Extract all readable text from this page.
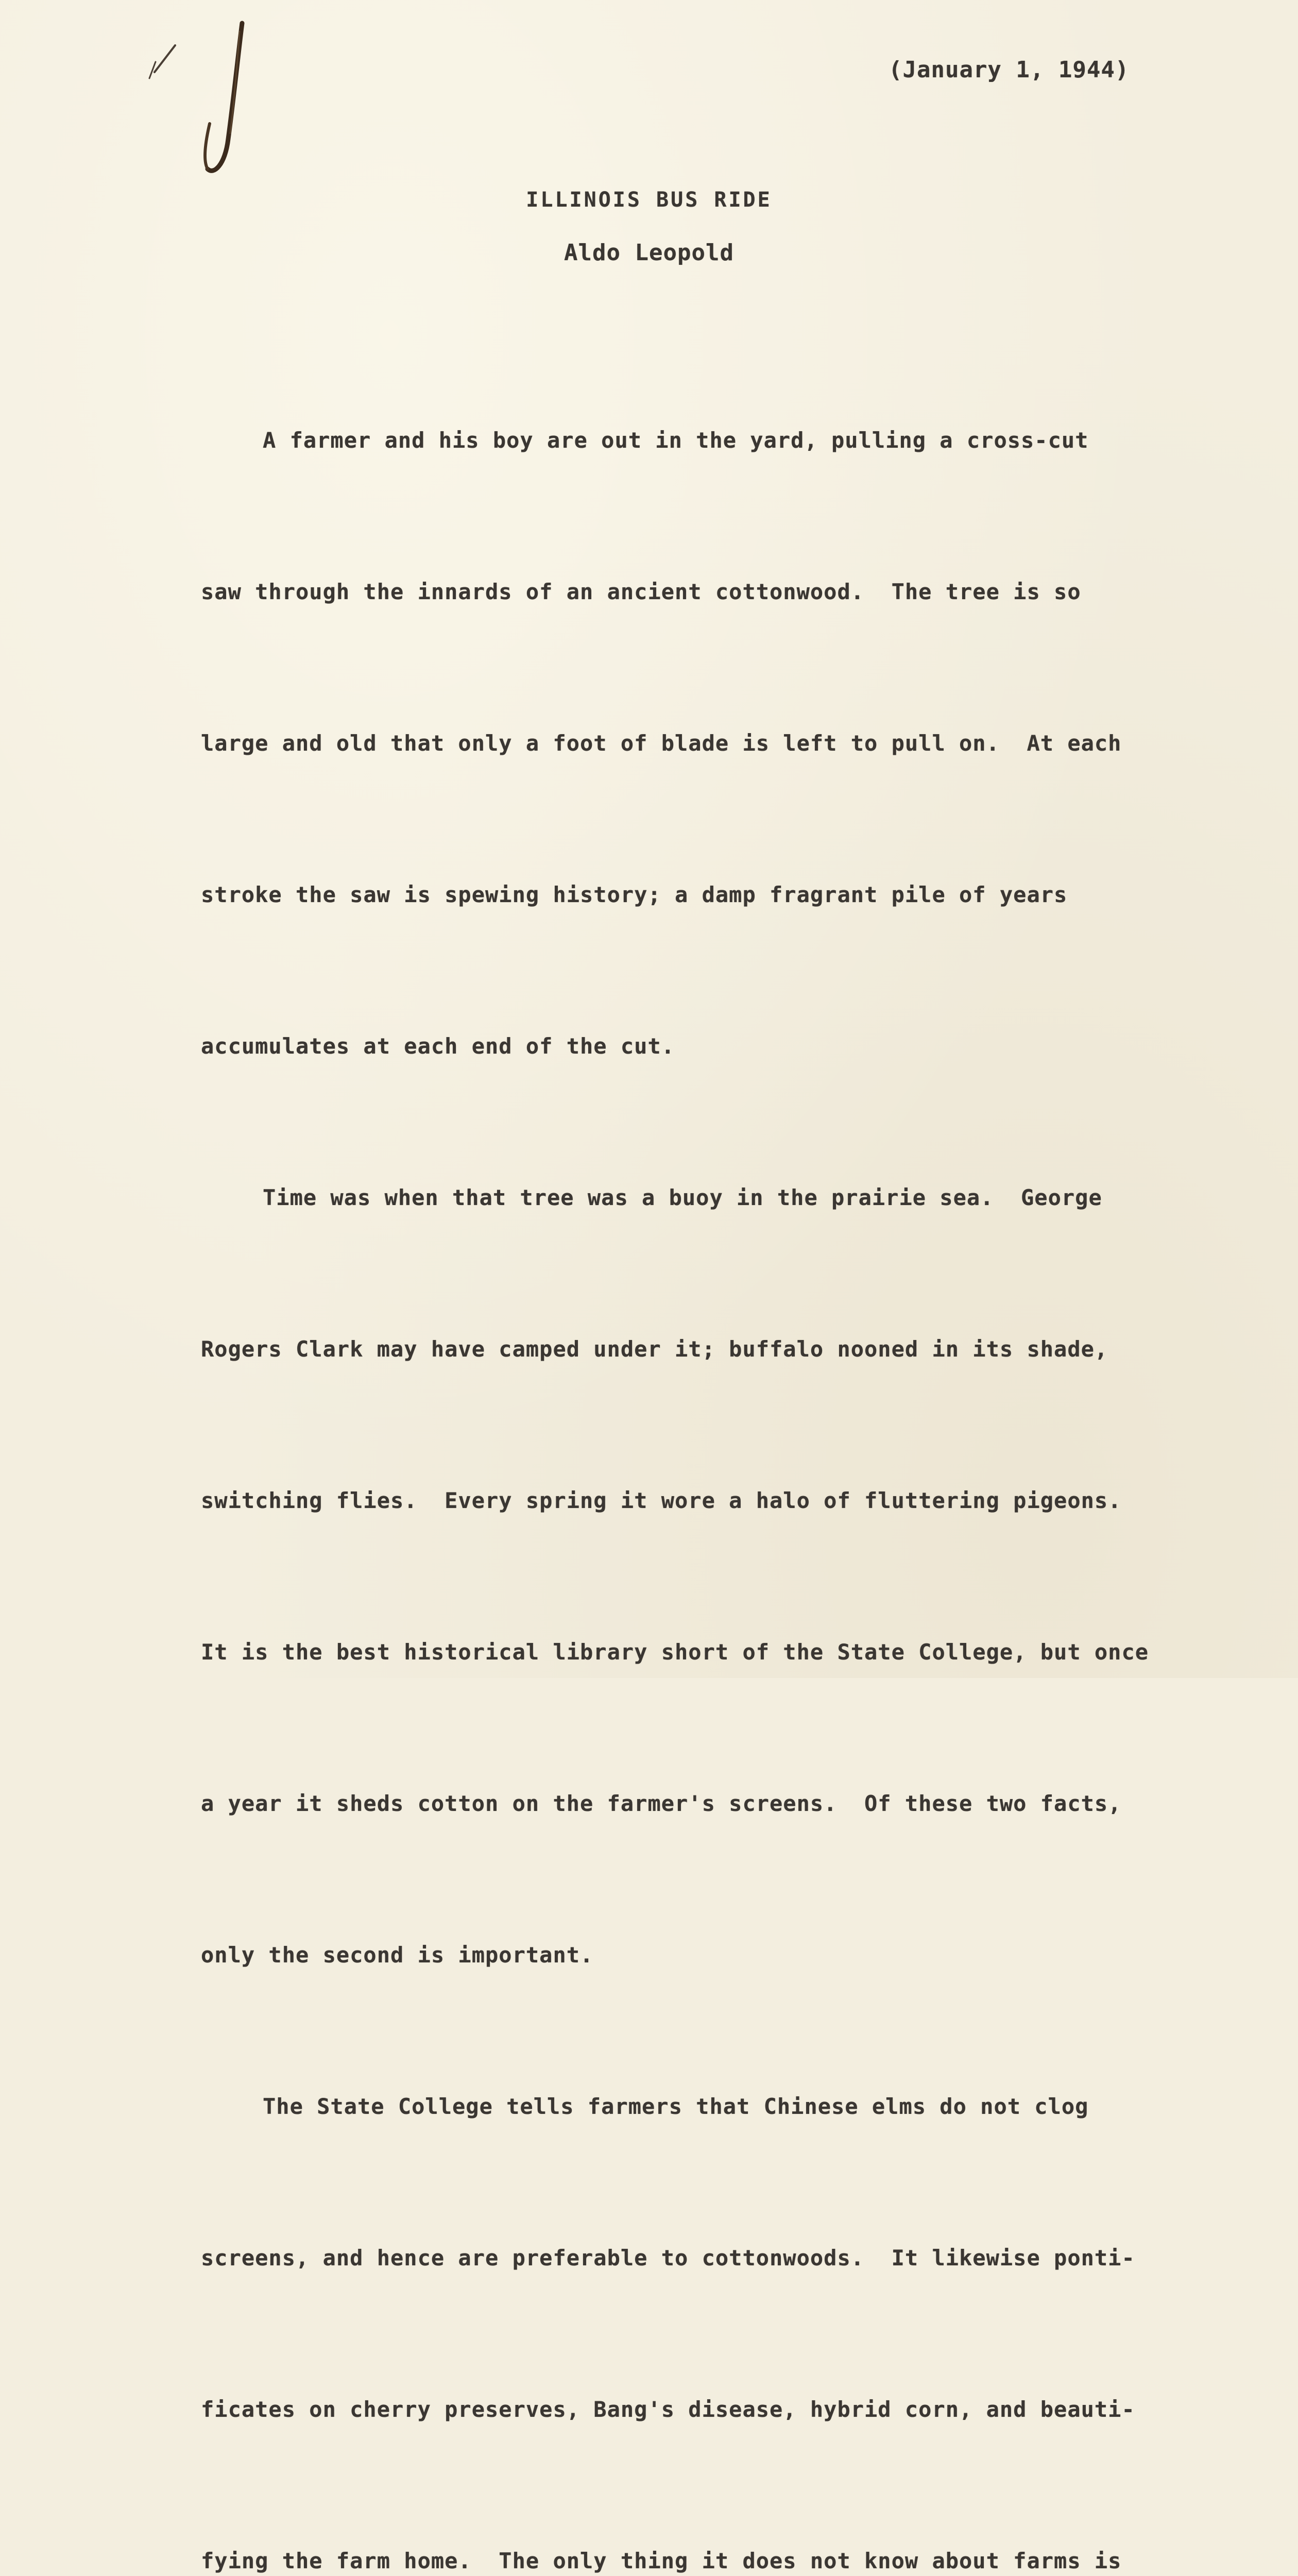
(January 1, 1944)
ILLINOIS BUS RIDE
Aldo Leopold

A farmer and his boy are out in the yard, pulling a cross-cut

saw through the innards of an ancient cottonwood.  The tree is so

large and old that only a foot of blade is left to pull on.  At each

stroke the saw is spewing history; a damp fragrant pile of years

accumulates at each end of the cut.

Time was when that tree was a buoy in the prairie sea.  George

Rogers Clark may have camped under it; buffalo nooned in its shade,

switching flies.  Every spring it wore a halo of fluttering pigeons.

It is the best historical library short of the State College, but once

a year it sheds cotton on the farmer's screens.  Of these two facts,

only the second is important.

The State College tells farmers that Chinese elms do not clog

screens, and hence are preferable to cottonwoods.  It likewise ponti-

ficates on cherry preserves, Bang's disease, hybrid corn, and beauti-

fying the farm home.  The only thing it does not know about farms is
